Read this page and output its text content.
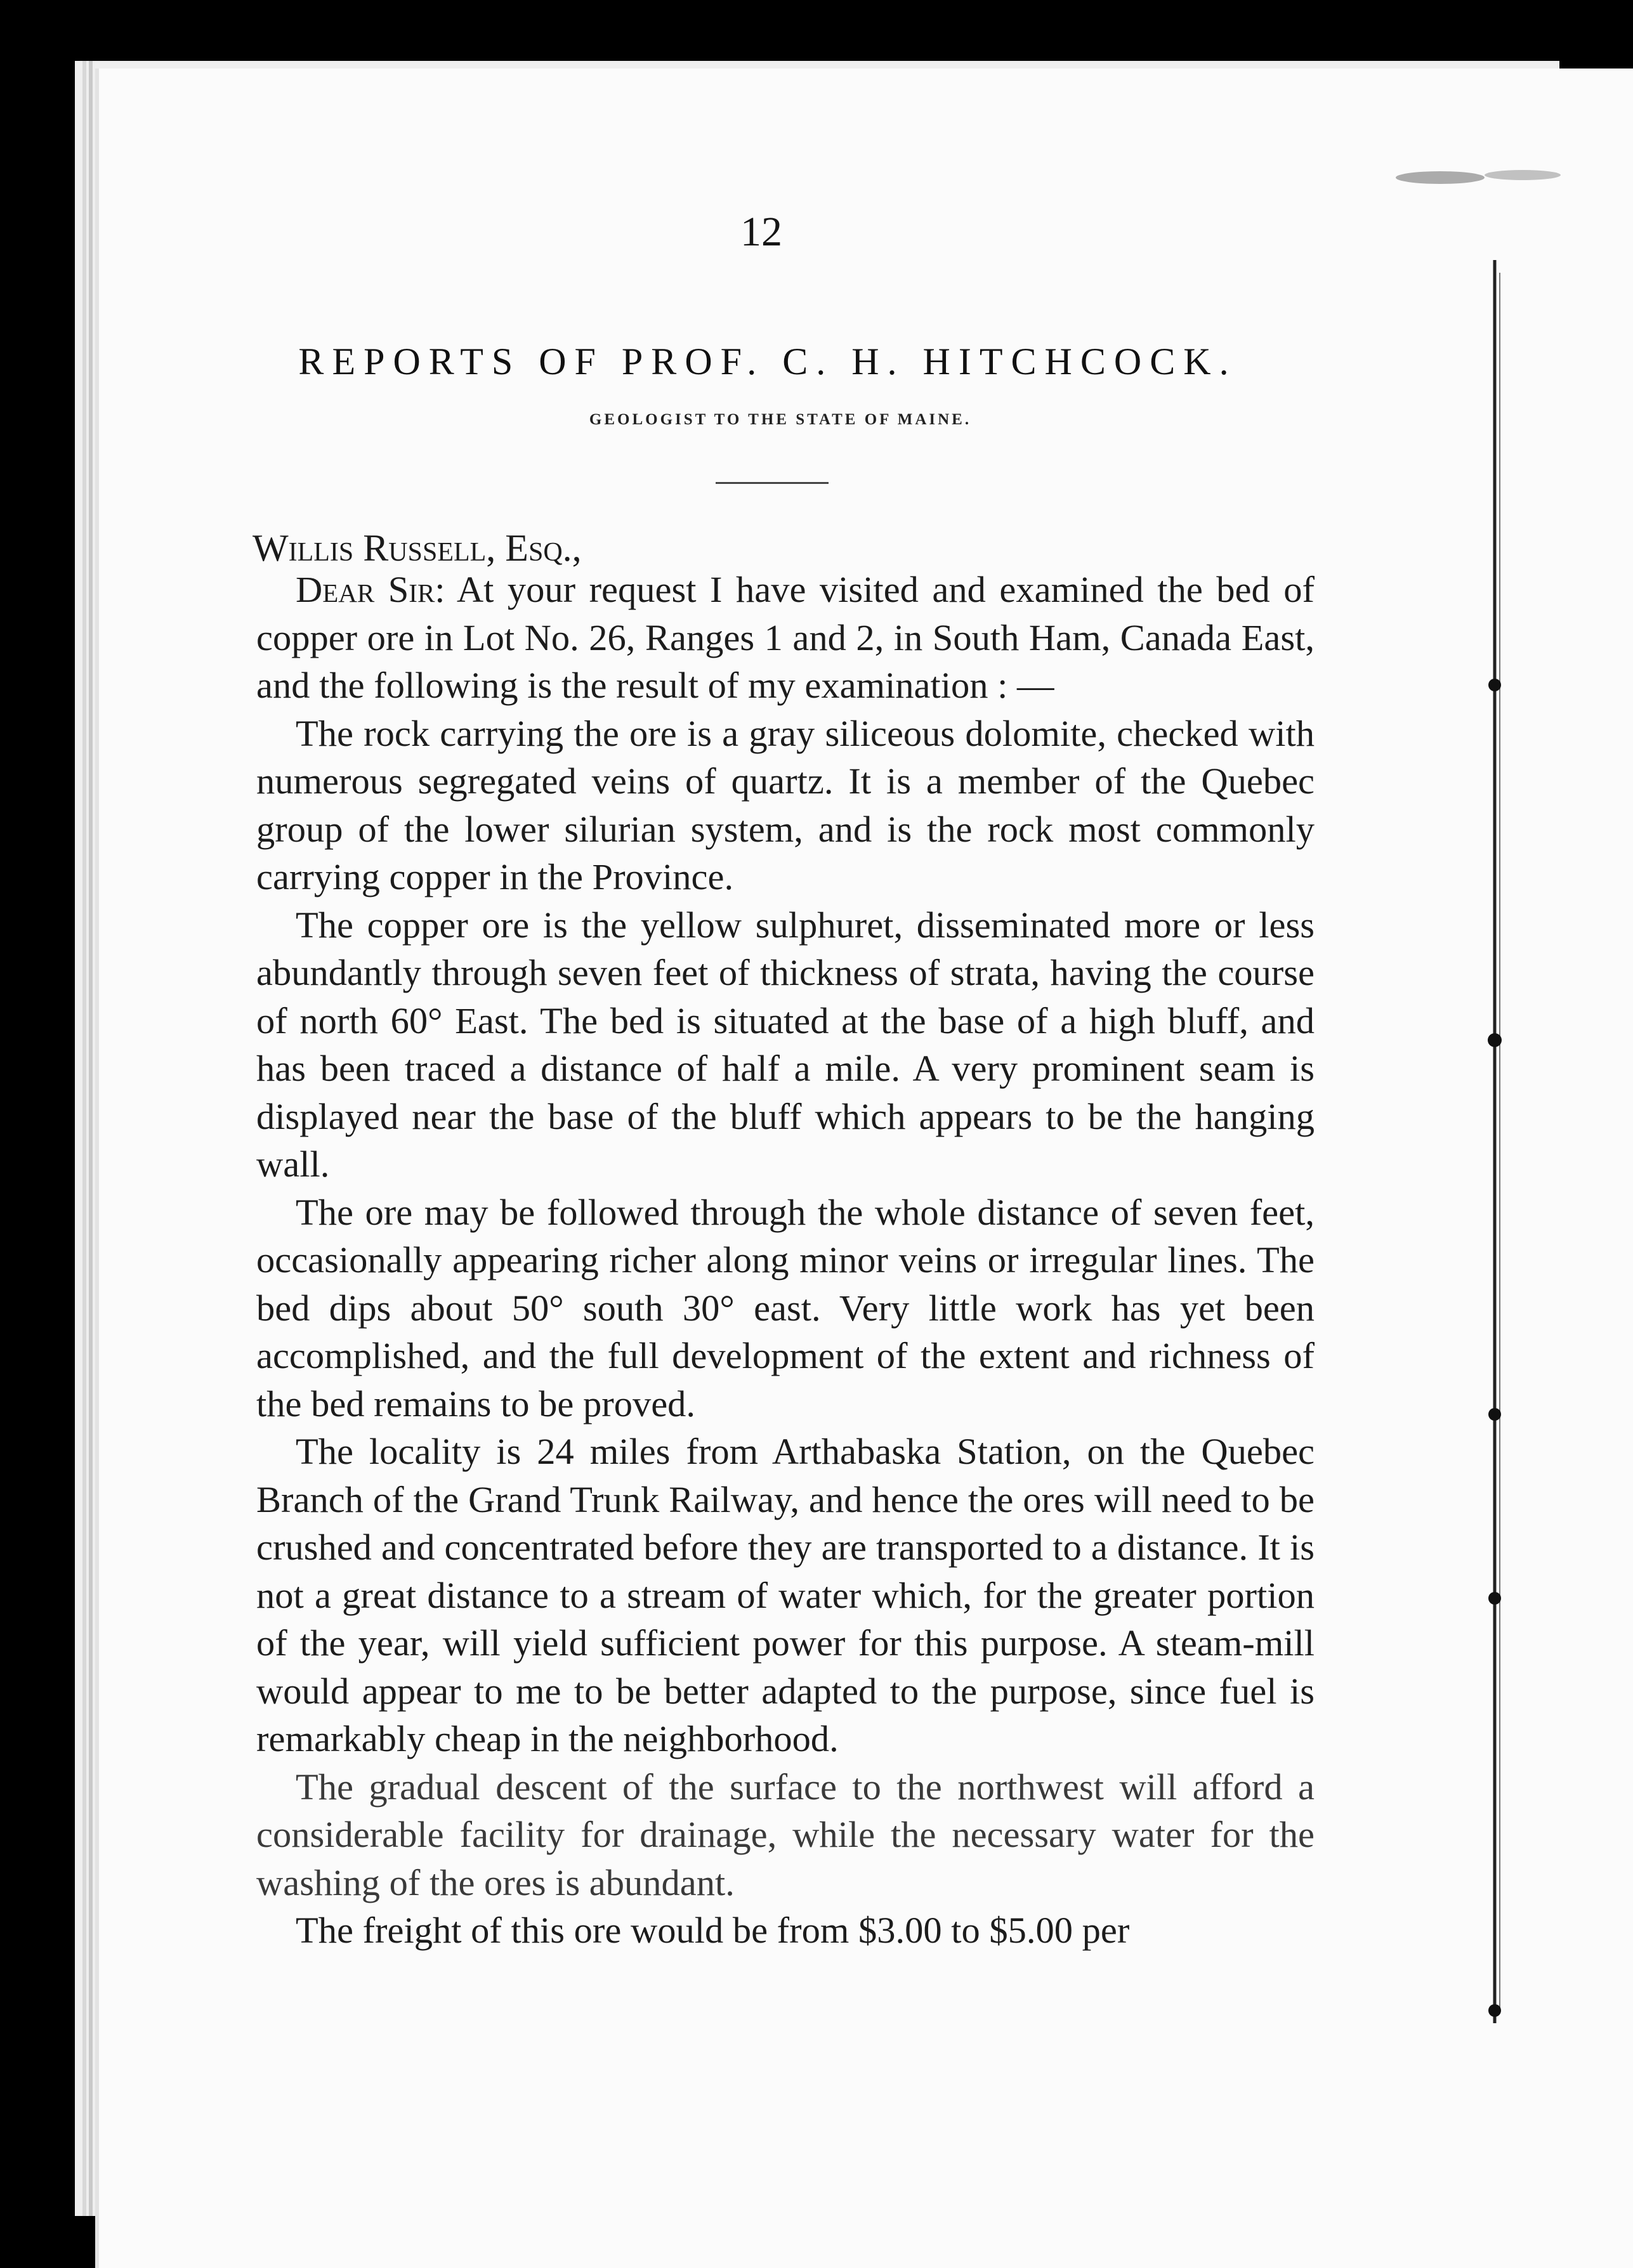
12
REPORTS OF PROF. C. H. HITCHCOCK.
GEOLOGIST TO THE STATE OF MAINE.
Willis Russell, Esq.,

Dear Sir: At your request I have visited and examined the bed of copper ore in Lot No. 26, Ranges 1 and 2, in South Ham, Canada East, and the following is the result of my examination : —

The rock carrying the ore is a gray siliceous dolomite, checked with numerous segregated veins of quartz. It is a member of the Quebec group of the lower silurian system, and is the rock most commonly carrying copper in the Province.

The copper ore is the yellow sulphuret, disseminated more or less abundantly through seven feet of thickness of strata, having the course of north 60° East. The bed is situated at the base of a high bluff, and has been traced a distance of half a mile. A very prominent seam is displayed near the base of the bluff which appears to be the hanging wall.

The ore may be followed through the whole distance of seven feet, occasionally appearing richer along minor veins or irregular lines. The bed dips about 50° south 30° east. Very little work has yet been accomplished, and the full development of the extent and richness of the bed remains to be proved.

The locality is 24 miles from Arthabaska Station, on the Quebec Branch of the Grand Trunk Railway, and hence the ores will need to be crushed and concentrated before they are transported to a distance. It is not a great distance to a stream of water which, for the greater portion of the year, will yield sufficient power for this purpose. A steam-mill would appear to me to be better adapted to the purpose, since fuel is remarkably cheap in the neighborhood.

The gradual descent of the surface to the northwest will afford a considerable facility for drainage, while the necessary water for the washing of the ores is abundant.

The freight of this ore would be from $3.00 to $5.00 per
